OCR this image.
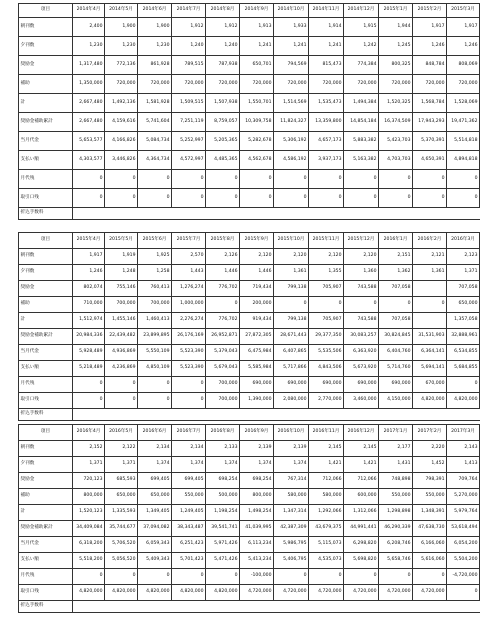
項目	2014年4月	2014年5月	2014年6月	2014年7月	2014年8月	2014年9月	2014年10月	2014年11月	2014年12月	2015年1月	2015年2月	2015年3月
朝刊数	2,400	1,900	1,900	1,912	1,912	1,913	1,933	1,914	1,915	1,944	1,917	1,917
夕刊数	1,230	1,230	1,230	1,240	1,240	1,241	1,241	1,241	1,242	1,245	1,246	1,246
奨励金	1,317,480	772,136	861,928	789,515	787,938	650,701	794,569	815,473	774,384	800,325	848,784	808,069
補助	1,350,000	720,000	720,000	720,000	720,000	720,000	720,000	720,000	720,000	720,000	720,000	720,000
計	2,667,480	1,492,136	1,581,928	1,509,515	1,507,938	1,550,701	1,514,569	1,535,473	1,494,384	1,520,325	1,568,784	1,528,069
奨励金補助累計	2,667,480	4,159,616	5,741,604	7,251,119	8,759,057	10,309,758	11,824,327	13,359,800	14,854,184	16,374,509	17,943,293	19,471,362
当月代金	5,653,577	4,166,826	5,084,734	5,252,997	5,205,365	5,282,678	5,306,192	4,657,173	5,883,382	5,423,703	5,370,391	5,514,818
支払い額	4,303,577	3,446,826	4,364,734	4,572,997	4,485,365	4,562,678	4,586,192	3,937,173	5,163,382	4,703,703	4,650,391	4,894,818
月代残	0	0	0	0	0	0	0	0	0	0	0	0
取引口残	0	0	0	0	0	0	0	0	0	0	0	0
折込手数料												
項目	2015年4月	2015年5月	2015年6月	2015年7月	2015年8月	2015年9月	2015年10月	2015年11月	2015年12月	2016年1月	2016年2月	2016年3月
朝刊数	1,917	1,919	1,925	2,570	2,126	2,120	2,120	2,120	2,120	2,151	2,121	2,123
夕刊数	1,246	1,248	1,258	1,443	1,446	1,446	1,361	1,355	1,360	1,362	1,361	1,371
奨励金	802,074	755,146	760,413	1,276,274	776,702	719,434	799,138	705,907	743,588	707,058		707,058
補助	710,000	700,000	700,000	1,000,000	0	200,000	0	0	0	0	0	650,000
計	1,512,974	1,455,146	1,460,413	2,276,274	776,702	919,434	799,138	705,907	743,588	707,058		1,357,058
奨励金補助累計	20,984,336	22,439,482	23,899,895	26,176,169	26,952,871	27,872,305	28,671,443	29,377,350	30,083,257	30,824,845	31,531,903	32,888,961
当月代金	5,928,489	4,936,869	5,550,109	5,523,390	5,379,043	6,475,984	6,407,865	5,535,506	6,363,920	6,404,760	6,364,141	6,534,855
支払い額	5,218,489	4,236,869	4,850,109	5,523,390	5,679,043	5,585,984	5,717,866	4,843,506	5,673,920	5,714,760	5,694,141	5,684,855
月代残	0	0	0	0	700,000	690,000	690,000	690,000	690,000	690,000	670,000	0
取引口残	0	0	0	0	700,000	1,390,000	2,080,000	2,770,000	3,460,000	4,150,000	4,820,000	4,820,000
折込手数料												
項目	2016年4月	2016年5月	2016年6月	2016年7月	2016年8月	2016年9月	2016年10月	2016年11月	2016年12月	2017年1月	2017年2月	2017年3月
朝刊数	2,152	2,122	2,134	2,134	2,133	2,139	2,139	2,145	2,145	2,177	2,220	2,143
夕刊数	1,371	1,371	1,374	1,374	1,374	1,374	1,374	1,421	1,421	1,431	1,452	1,413
奨励金	720,123	685,593	699,405	699,405	698,254	698,254	767,314	712,066	712,066	748,898	798,391	709,764
補助	800,000	650,000	650,000	550,000	500,000	800,000	580,000	580,000	600,000	550,000	550,000	5,270,000
計	1,520,123	1,335,593	1,349,405	1,249,405	1,198,254	1,498,254	1,347,314	1,292,066	1,312,066	1,298,898	1,348,391	5,979,764
奨励金補助累計	34,409,084	35,744,677	37,094,082	38,343,487	39,541,741	41,039,995	42,387,309	43,679,375	44,991,441	46,290,339	47,638,730	53,618,494
当月代金	6,318,200	5,706,520	6,059,343	6,251,423	5,971,426	6,113,234	5,986,795	5,115,073	6,298,820	6,208,746	6,166,060	6,054,200
支払い額	5,518,200	5,056,520	5,409,343	5,701,423	5,471,426	5,413,234	5,406,795	4,535,073	5,698,820	5,658,746	5,616,060	5,504,200
月代残	0	0	0	0	0	-100,000	0	0	0	0	0	-4,720,000
取引口残	4,820,000	4,820,000	4,820,000	4,820,000	4,820,000	4,720,000	4,720,000	4,720,000	4,720,000	4,720,000	4,720,000	0
折込手数料												
